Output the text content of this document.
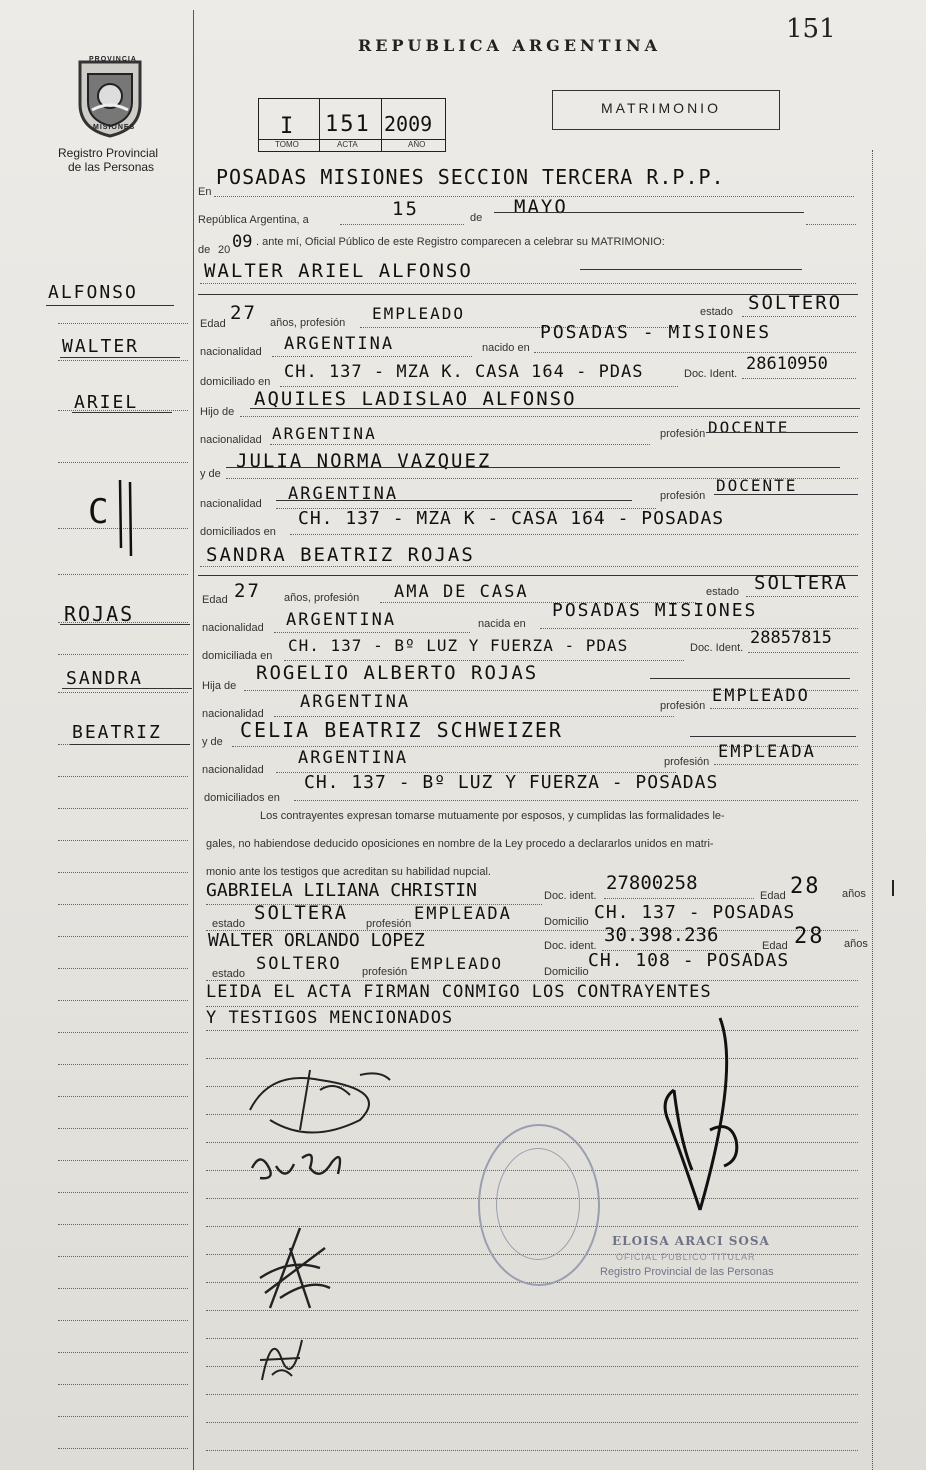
151
REPUBLICA ARGENTINA
PROVINCIA
MISIONES
Registro Provincial
de las Personas
MATRIMONIO
I 151 2009
TOMO	ACTA	AÑO
ALFONSO
WALTER
ARIEL
C
ROJAS
SANDRA
BEATRIZ
En
POSADAS MISIONES SECCION TERCERA R.P.P.
República Argentina, a	15	de MAYO
de 20 09 . ante mí, Oficial Público de este Registro comparecen a celebrar su MATRIMONIO:
WALTER ARIEL ALFONSO
Edad 27 años, profesión EMPLEADO	estado SOLTERO
nacionalidad ARGENTINA	nacido en
POSADAS - MISIONES
domiciliado en CH. 137 - MZA K. CASA 164 - PDAS	Doc. Ident. 28610950
Hijo de
AQUILES LADISLAO ALFONSO
nacionalidad ARGENTINA	profesión DOCENTE
y de
JULIA NORMA VAZQUEZ
nacionalidad ARGENTINA	profesión
DOCENTE
domiciliados en
CH. 137 - MZA K - CASA 164 - POSADAS
SANDRA BEATRIZ ROJAS
Edad 27 años, profesión AMA DE CASA	estado SOLTERA
nacionalidad ARGENTINA	nacida en
POSADAS MISIONES
domiciliada en
CH. 137 - Bº LUZ Y FUERZA - PDAS	Doc. Ident. 28857815
Hija de
ROGELIO ALBERTO ROJAS
nacionalidad
ARGENTINA	profesión EMPLEADO
y de CELIA BEATRIZ SCHWEIZER
nacionalidad
ARGENTINA	profesión EMPLEADA
domiciliados en
CH. 137 - Bº LUZ Y FUERZA - POSADAS
Los contrayentes expresan tomarse mutuamente por esposos, y cumplidas las formalidades le-
gales, no habiendose deducido oposiciones en nombre de la Ley procedo a declararlos unidos en matri-
monio ante los testigos que acreditan su habilidad nupcial.
GABRIELA LILIANA CHRISTIN	Doc. ident.
27800258
Edad 28 años
estado SOLTERA profesión EMPLEADA	Domicilio CH. 137 - POSADAS
WALTER ORLANDO LOPEZ	Doc. ident. 30.398.236	Edad 28 años
estado SOLTERO profesión EMPLEADO	Domicilio
CH. 108 - POSADAS
LEIDA EL ACTA FIRMAN CONMIGO LOS CONTRAYENTES
Y TESTIGOS MENCIONADOS
ELOISA ARACI SOSA
OFICIAL PUBLICO TITULAR
Registro Provincial de las Personas
